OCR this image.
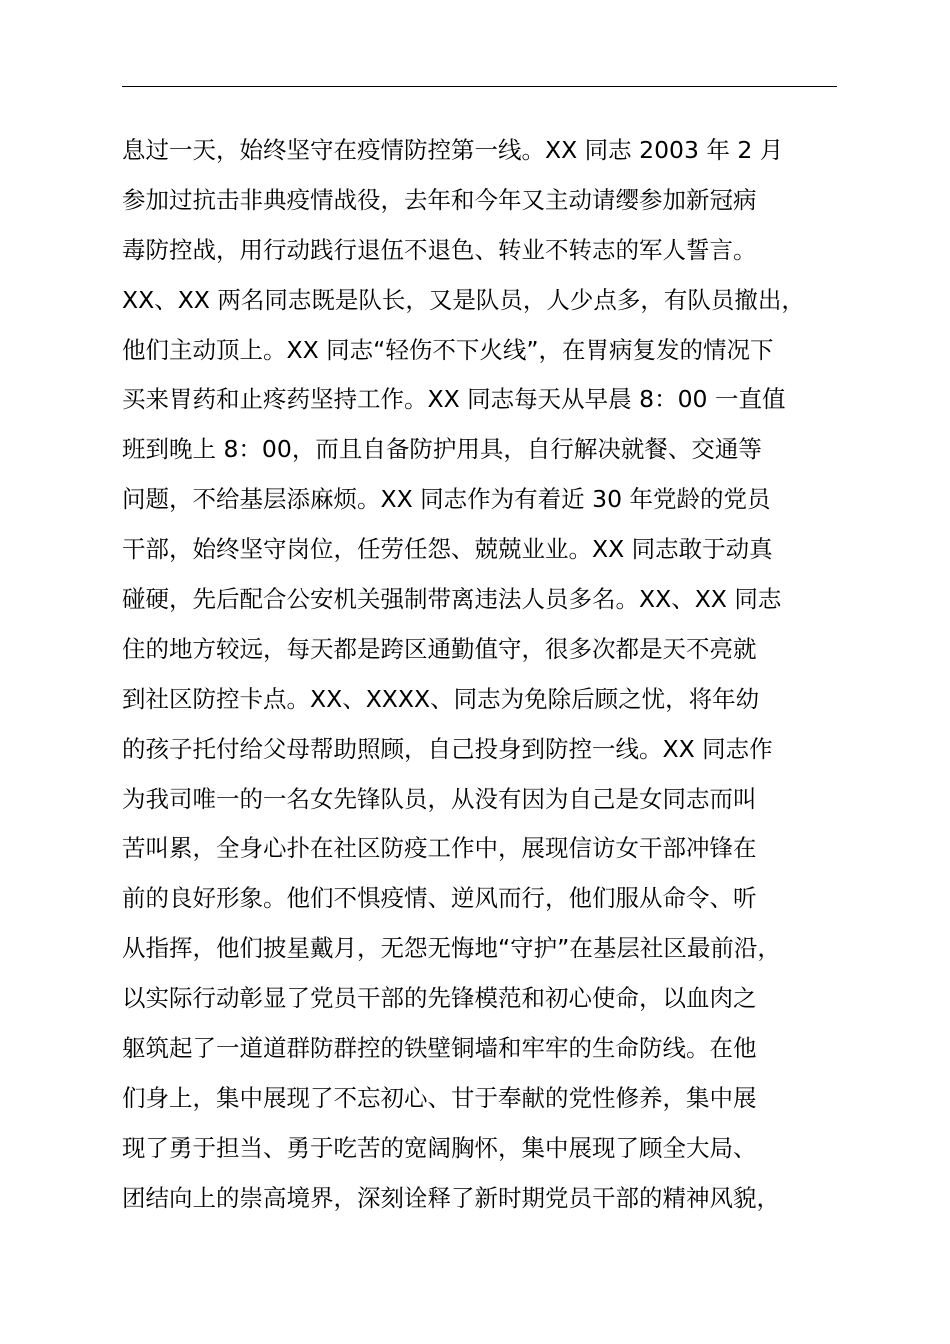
息过一天，始终坚守在疫情防控第一线。XX 同志 2003 年 2 月
参加过抗击非典疫情战役，去年和今年又主动请缨参加新冠病
毒防控战，用行动践行退伍不退色、转业不转志的军人誓言。
XX、XX 两名同志既是队长，又是队员，人少点多，有队员撤出，
他们主动顶上。XX 同志“轻伤不下火线”，在胃病复发的情况下
买来胃药和止疼药坚持工作。XX 同志每天从早晨 8：00 一直值
班到晚上 8：00，而且自备防护用具，自行解决就餐、交通等
问题，不给基层添麻烦。XX 同志作为有着近 30 年党龄的党员
干部，始终坚守岗位，任劳任怨、兢兢业业。XX 同志敢于动真
碰硬，先后配合公安机关强制带离违法人员多名。XX、XX 同志
住的地方较远，每天都是跨区通勤值守，很多次都是天不亮就
到社区防控卡点。XX、XXXX、同志为免除后顾之忧，将年幼
的孩子托付给父母帮助照顾，自己投身到防控一线。XX 同志作
为我司唯一的一名女先锋队员，从没有因为自己是女同志而叫
苦叫累，全身心扑在社区防疫工作中，展现信访女干部冲锋在
前的良好形象。他们不惧疫情、逆风而行，他们服从命令、听
从指挥，他们披星戴月，无怨无悔地“守护”在基层社区最前沿，
以实际行动彰显了党员干部的先锋模范和初心使命，以血肉之
躯筑起了一道道群防群控的铁壁铜墙和牢牢的生命防线。在他
们身上，集中展现了不忘初心、甘于奉献的党性修养，集中展
现了勇于担当、勇于吃苦的宽阔胸怀，集中展现了顾全大局、
团结向上的崇高境界，深刻诠释了新时期党员干部的精神风貌，
